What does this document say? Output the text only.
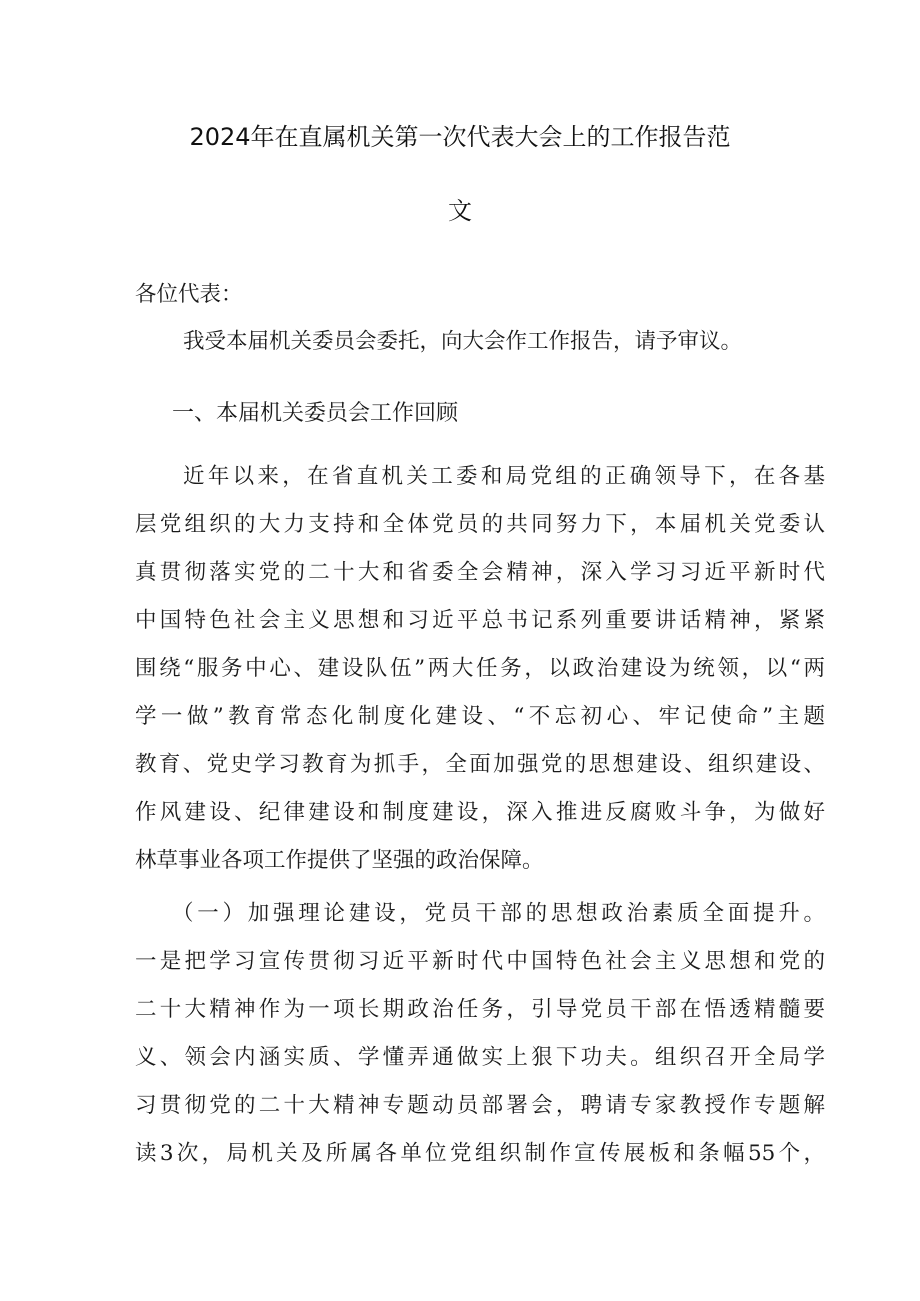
2024年在直属机关第一次代表大会上的工作报告范
文

各位代表：

我受本届机关委员会委托，向大会作工作报告，请予审议。

一、本届机关委员会工作回顾

近年以来，在省直机关工委和局党组的正确领导下，在各基

层党组织的大力支持和全体党员的共同努力下，本届机关党委认

真贯彻落实党的二十大和省委全会精神，深入学习习近平新时代

中国特色社会主义思想和习近平总书记系列重要讲话精神，紧紧

围绕“服务中心、建设队伍”两大任务，以政治建设为统领，以“两

学一做”教育常态化制度化建设、“不忘初心、牢记使命”主题

教育、党史学习教育为抓手，全面加强党的思想建设、组织建设、

作风建设、纪律建设和制度建设，深入推进反腐败斗争，为做好

林草事业各项工作提供了坚强的政治保障。

（一）加强理论建设，党员干部的思想政治素质全面提升。

一是把学习宣传贯彻习近平新时代中国特色社会主义思想和党的

二十大精神作为一项长期政治任务，引导党员干部在悟透精髓要

义、领会内涵实质、学懂弄通做实上狠下功夫。组织召开全局学

习贯彻党的二十大精神专题动员部署会，聘请专家教授作专题解

读3次，局机关及所属各单位党组织制作宣传展板和条幅55个，
